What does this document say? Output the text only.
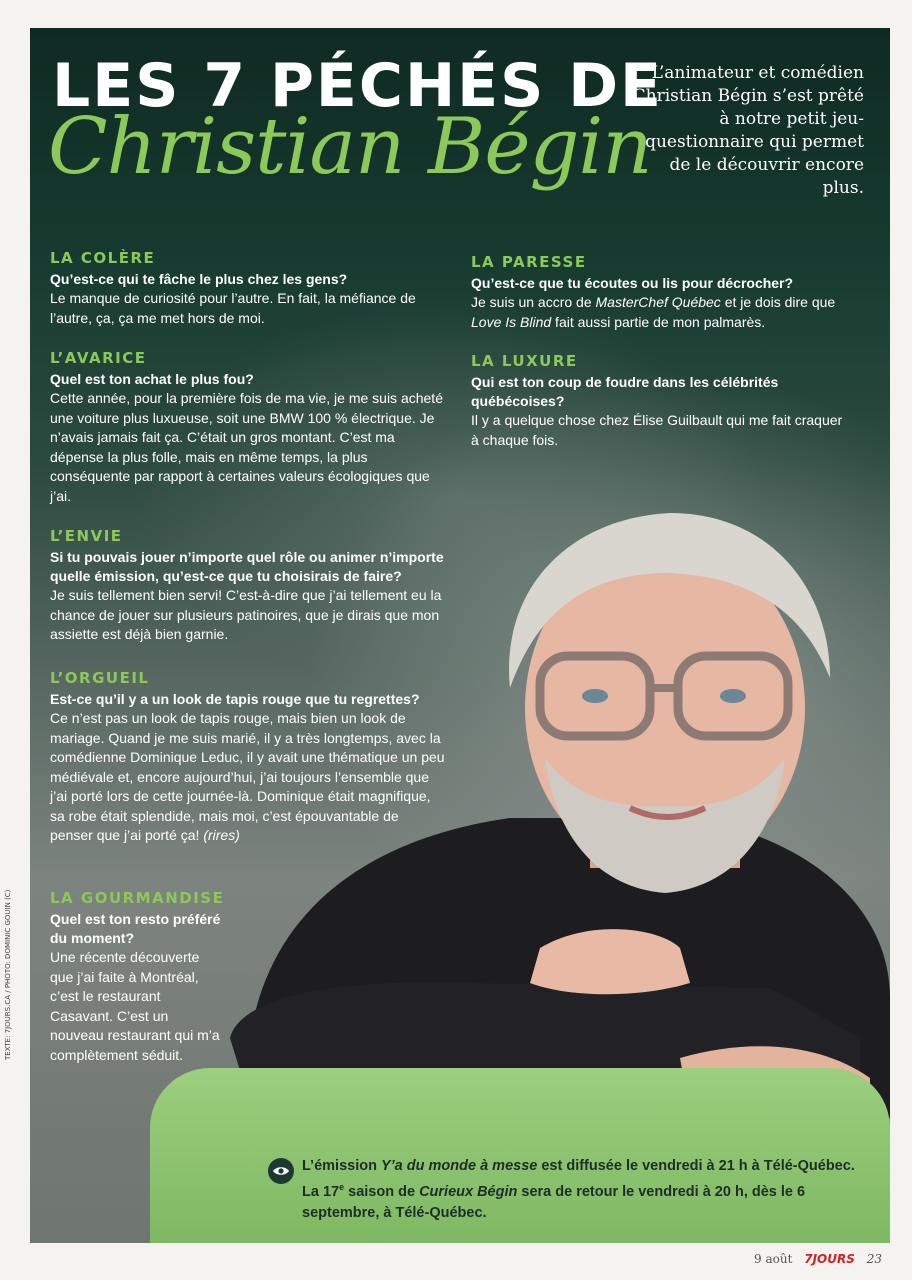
LES 7 PÉCHÉS DE
Christian Bégin
L’animateur et comédien Christian Bégin s’est prêté à notre petit jeu-questionnaire qui permet de le découvrir encore plus.
LA COLÈRE
Qu’est-ce qui te fâche le plus chez les gens?
Le manque de curiosité pour l’autre. En fait, la méfiance de l’autre, ça, ça me met hors de moi.
L’AVARICE
Quel est ton achat le plus fou?
Cette année, pour la première fois de ma vie, je me suis acheté une voiture plus luxueuse, soit une BMW 100 % électrique. Je n’avais jamais fait ça. C’était un gros montant. C’est ma dépense la plus folle, mais en même temps, la plus conséquente par rapport à certaines valeurs écologiques que j’ai.
L’ENVIE
Si tu pouvais jouer n’importe quel rôle ou animer n’importe quelle émission, qu’est-ce que tu choisirais de faire?
Je suis tellement bien servi! C’est-à-dire que j’ai tellement eu la chance de jouer sur plusieurs patinoires, que je dirais que mon assiette est déjà bien garnie.
L’ORGUEIL
Est-ce qu’il y a un look de tapis rouge que tu regrettes?
Ce n’est pas un look de tapis rouge, mais bien un look de mariage. Quand je me suis marié, il y a très longtemps, avec la comédienne Dominique Leduc, il y avait une thématique un peu médiévale et, encore aujourd’hui, j’ai toujours l’ensemble que j’ai porté lors de cette journée-là. Dominique était magnifique, sa robe était splendide, mais moi, c’est épouvantable de penser que j’ai porté ça! (rires)
LA GOURMANDISE
Quel est ton resto préféré du moment?
Une récente découverte que j’ai faite à Montréal, c’est le restaurant Casavant. C’est un nouveau restaurant qui m’a complètement séduit.
LA PARESSE
Qu’est-ce que tu écoutes ou lis pour décrocher?
Je suis un accro de MasterChef Québec et je dois dire que Love Is Blind fait aussi partie de mon palmarès.
LA LUXURE
Qui est ton coup de foudre dans les célébrités québécoises?
Il y a quelque chose chez Élise Guilbault qui me fait craquer à chaque fois.
L’émission Y’a du monde à messe est diffusée le vendredi à 21 h à Télé-Québec.
La 17e saison de Curieux Bégin sera de retour le vendredi à 20 h, dès le 6 septembre, à Télé-Québec.
TEXTE: 7JOURS.CA / PHOTO: DOMINIC GOUIN (C)
9 août 7JOURS 23
